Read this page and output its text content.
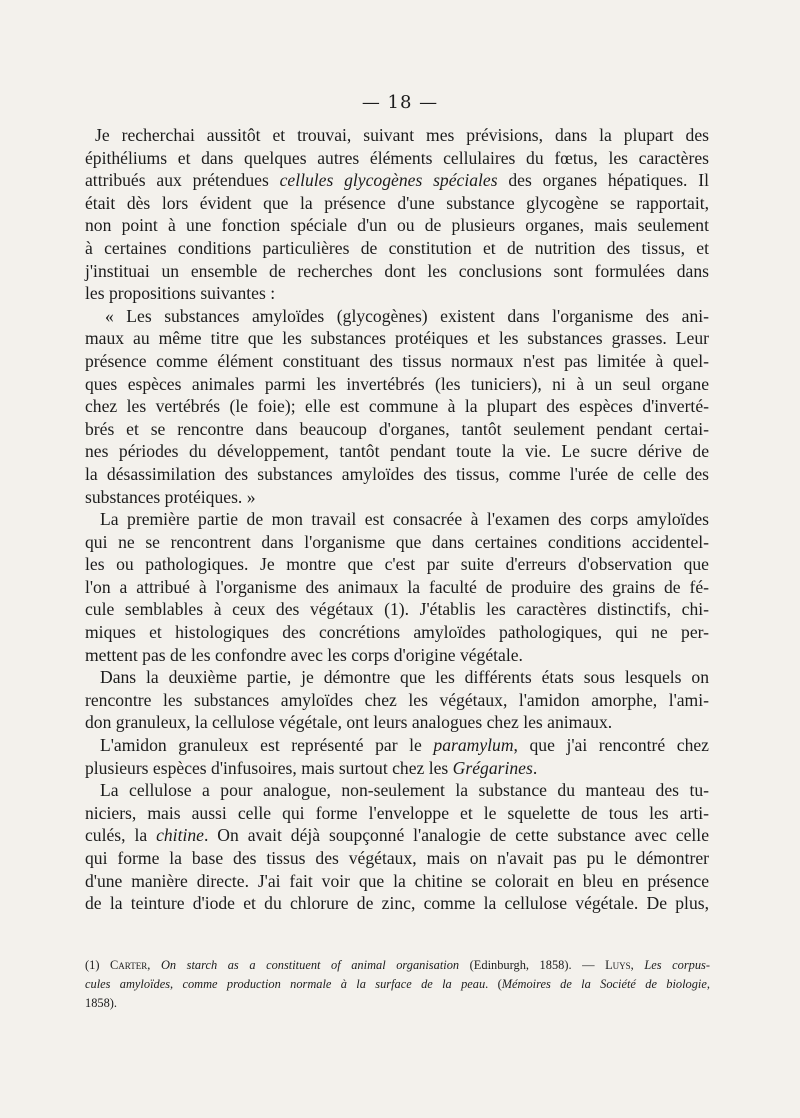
— 18 —
Je recherchai aussitôt et trouvai, suivant mes prévisions, dans la plupart des
épithéliums et dans quelques autres éléments cellulaires du fœtus, les caractères
attribués aux prétendues cellules glycogènes spéciales des organes hépatiques. Il
était dès lors évident que la présence d'une substance glycogène se rapportait,
non point à une fonction spéciale d'un ou de plusieurs organes, mais seulement
à certaines conditions particulières de constitution et de nutrition des tissus, et
j'instituai un ensemble de recherches dont les conclusions sont formulées dans
les propositions suivantes :
« Les substances amyloïdes (glycogènes) existent dans l'organisme des ani-
maux au même titre que les substances protéiques et les substances grasses. Leur
présence comme élément constituant des tissus normaux n'est pas limitée à quel-
ques espèces animales parmi les invertébrés (les tuniciers), ni à un seul organe
chez les vertébrés (le foie); elle est commune à la plupart des espèces d'inverté-
brés et se rencontre dans beaucoup d'organes, tantôt seulement pendant certai-
nes périodes du développement, tantôt pendant toute la vie. Le sucre dérive de
la désassimilation des substances amyloïdes des tissus, comme l'urée de celle des
substances protéiques. »
La première partie de mon travail est consacrée à l'examen des corps amyloïdes
qui ne se rencontrent dans l'organisme que dans certaines conditions accidentel-
les ou pathologiques. Je montre que c'est par suite d'erreurs d'observation que
l'on a attribué à l'organisme des animaux la faculté de produire des grains de fé-
cule semblables à ceux des végétaux (1). J'établis les caractères distinctifs, chi-
miques et histologiques des concrétions amyloïdes pathologiques, qui ne per-
mettent pas de les confondre avec les corps d'origine végétale.
Dans la deuxième partie, je démontre que les différents états sous lesquels on
rencontre les substances amyloïdes chez les végétaux, l'amidon amorphe, l'ami-
don granuleux, la cellulose végétale, ont leurs analogues chez les animaux.
L'amidon granuleux est représenté par le paramylum, que j'ai rencontré chez
plusieurs espèces d'infusoires, mais surtout chez les Grégarines.
La cellulose a pour analogue, non-seulement la substance du manteau des tu-
niciers, mais aussi celle qui forme l'enveloppe et le squelette de tous les arti-
culés, la chitine. On avait déjà soupçonné l'analogie de cette substance avec celle
qui forme la base des tissus des végétaux, mais on n'avait pas pu le démontrer
d'une manière directe. J'ai fait voir que la chitine se colorait en bleu en présence
de la teinture d'iode et du chlorure de zinc, comme la cellulose végétale. De plus,
(1) Carter, On starch as a constituent of animal organisation (Edinburgh, 1858). — Luys, Les corpus-
cules amyloïdes, comme production normale à la surface de la peau. (Mémoires de la Société de biologie,
1858).
